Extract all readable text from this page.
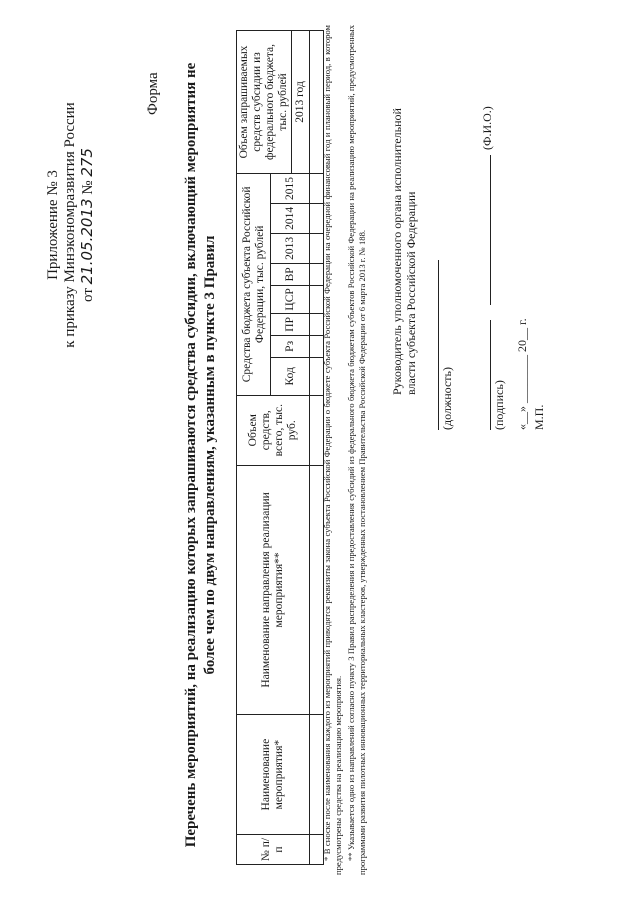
Приложение № 3 к приказу Минэкономразвития России от 21.05.2013 № 275
Форма Перечень мероприятий, на реализацию которых запрашиваются средства субсидии, включающий мероприятия не более чем по двум направлениям, указанным в пункте 3 Правил
№ п/п	Наименование мероприятия*	Наименование направления реализации мероприятия**	Объем средств, всего, тыс. руб.	Средства бюджета субъекта Российской Федерации, тыс. рублей								Объем запрашиваемых средств субсидии из федерального бюджета, тыс. рублей
				Код	Рз	ПР	ЦСР	ВР	2013	2014	2015	
												2013 год
												* В сноске после наименования каждого из мероприятий приводятся реквизиты закона субъекта Российской Федерации о бюджете субъекта Российской Федерации на очередной финансовый год и плановый период, в котором предусмотрены средства на реализацию мероприятия. ** Указывается одно из направлений согласно пункту 3 Правил распределения и предоставления субсидий из федерального бюджета бюджетам субъектов Российской Федерации на реализацию мероприятий, предусмотренных программами развития пилотных инновационных территориальных кластеров, утвержденных постановлением Правительства Российской Федерации от 6 марта 2013 г. № 188. Руководитель уполномоченного органа исполнительной власти субъекта Российской Федерации
(должность)	(подпись)
(Ф.И.О.)
«__» ________ 20__ г. М.П.
